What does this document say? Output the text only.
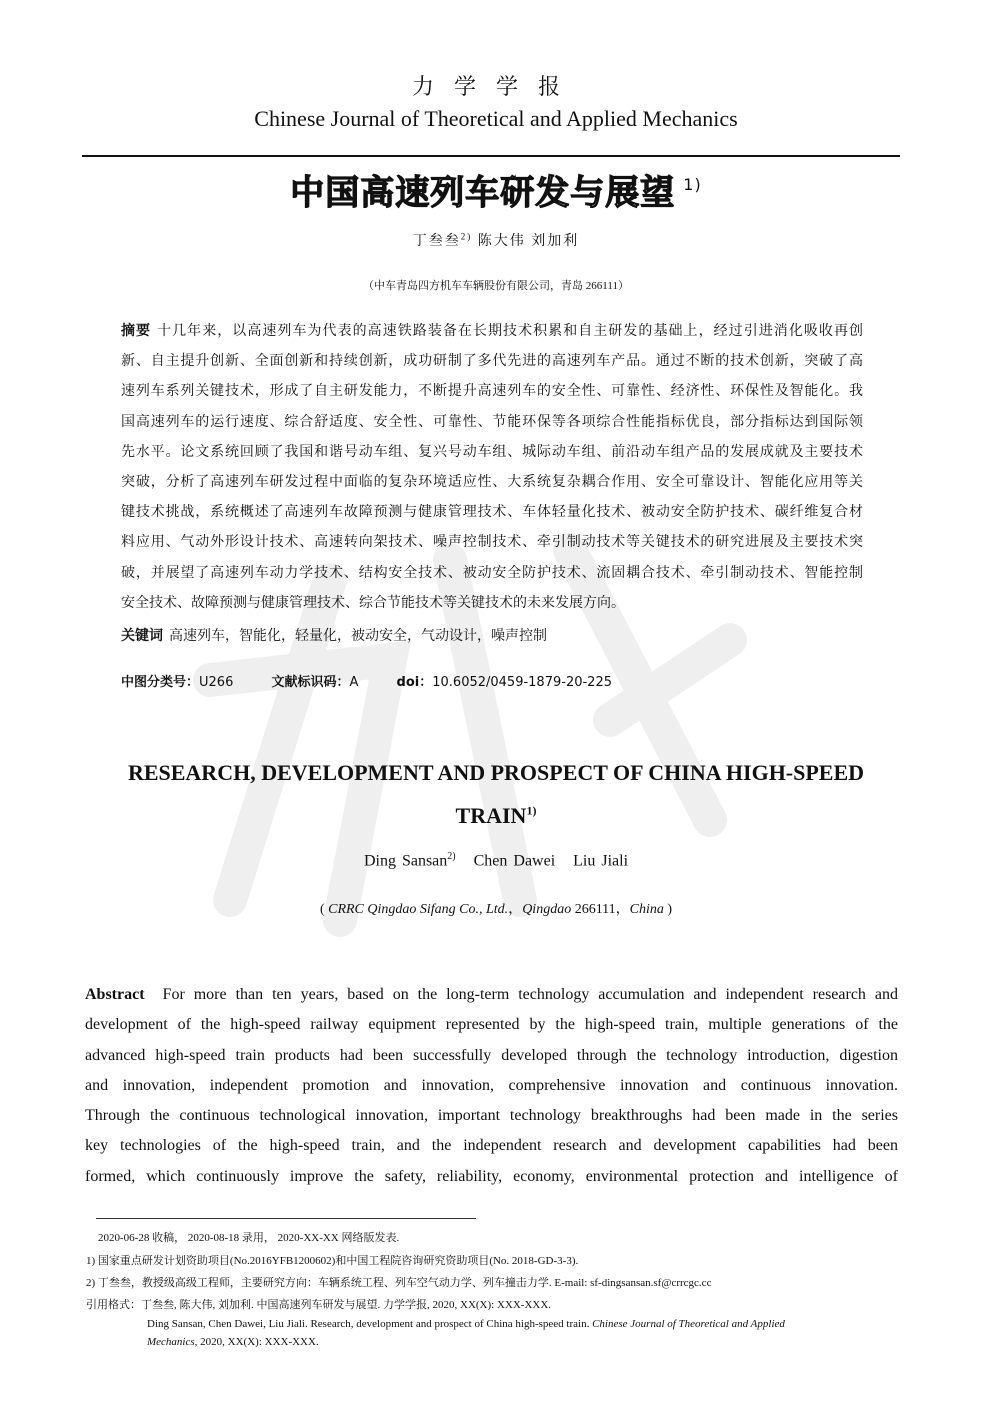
力学学报
Chinese Journal of Theoretical and Applied Mechanics
中国高速列车研发与展望 $^{1)}$
丁叁叁$^{2)}$ 陈大伟 刘加利
（中车青岛四方机车车辆股份有限公司，青岛 266111）
摘要 十几年来，以高速列车为代表的高速铁路装备在长期技术积累和自主研发的基础上，经过引进消化吸收再创
新、自主提升创新、全面创新和持续创新，成功研制了多代先进的高速列车产品。通过不断的技术创新，突破了高
速列车系列关键技术，形成了自主研发能力，不断提升高速列车的安全性、可靠性、经济性、环保性及智能化。我
国高速列车的运行速度、综合舒适度、安全性、可靠性、节能环保等各项综合性能指标优良，部分指标达到国际领
先水平。论文系统回顾了我国和谐号动车组、复兴号动车组、城际动车组、前沿动车组产品的发展成就及主要技术
突破，分析了高速列车研发过程中面临的复杂环境适应性、大系统复杂耦合作用、安全可靠设计、智能化应用等关
键技术挑战，系统概述了高速列车故障预测与健康管理技术、车体轻量化技术、被动安全防护技术、碳纤维复合材
料应用、气动外形设计技术、高速转向架技术、噪声控制技术、牵引制动技术等关键技术的研究进展及主要技术突
破，并展望了高速列车动力学技术、结构安全技术、被动安全防护技术、流固耦合技术、牵引制动技术、智能控制
安全技术、故障预测与健康管理技术、综合节能技术等关键技术的未来发展方向。
关键词 高速列车，智能化，轻量化，被动安全，气动设计，噪声控制
中图分类号：U266	文献标识码：A	doi：10.6052/0459-1879-20-225
RESEARCH, DEVELOPMENT AND PROSPECT OF CHINA HIGH-SPEED
TRAIN$^{1)}$
Ding Sansan$^{2)}$ Chen Dawei Liu Jiali
( CRRC Qingdao Sifang Co., Ltd.，Qingdao 266111，China )
Abstract For more than ten years, based on the long-term technology accumulation and independent research and
development of the high-speed railway equipment represented by the high-speed train, multiple generations of the
advanced high-speed train products had been successfully developed through the technology introduction, digestion
and innovation, independent promotion and innovation, comprehensive innovation and continuous innovation.
Through the continuous technological innovation, important technology breakthroughs had been made in the series
key technologies of the high-speed train, and the independent research and development capabilities had been
formed, which continuously improve the safety, reliability, economy, environmental protection and intelligence of
2020-06-28 收稿， 2020-08-18 录用， 2020-XX-XX 网络版发表.
1) 国家重点研发计划资助项目(No.2016YFB1200602)和中国工程院咨询研究资助项目(No. 2018-GD-3-3).
2) 丁叁叁，教授级高级工程师，主要研究方向：车辆系统工程、列车空气动力学、列车撞击力学. E-mail: sf-dingsansan.sf@crrcgc.cc
引用格式：丁叁叁, 陈大伟, 刘加利. 中国高速列车研发与展望. 力学学报, 2020, XX(X): XXX-XXX.
Ding Sansan, Chen Dawei, Liu Jiali. Research, development and prospect of China high-speed train. Chinese Journal of Theoretical and Applied
Mechanics, 2020, XX(X): XXX-XXX.
